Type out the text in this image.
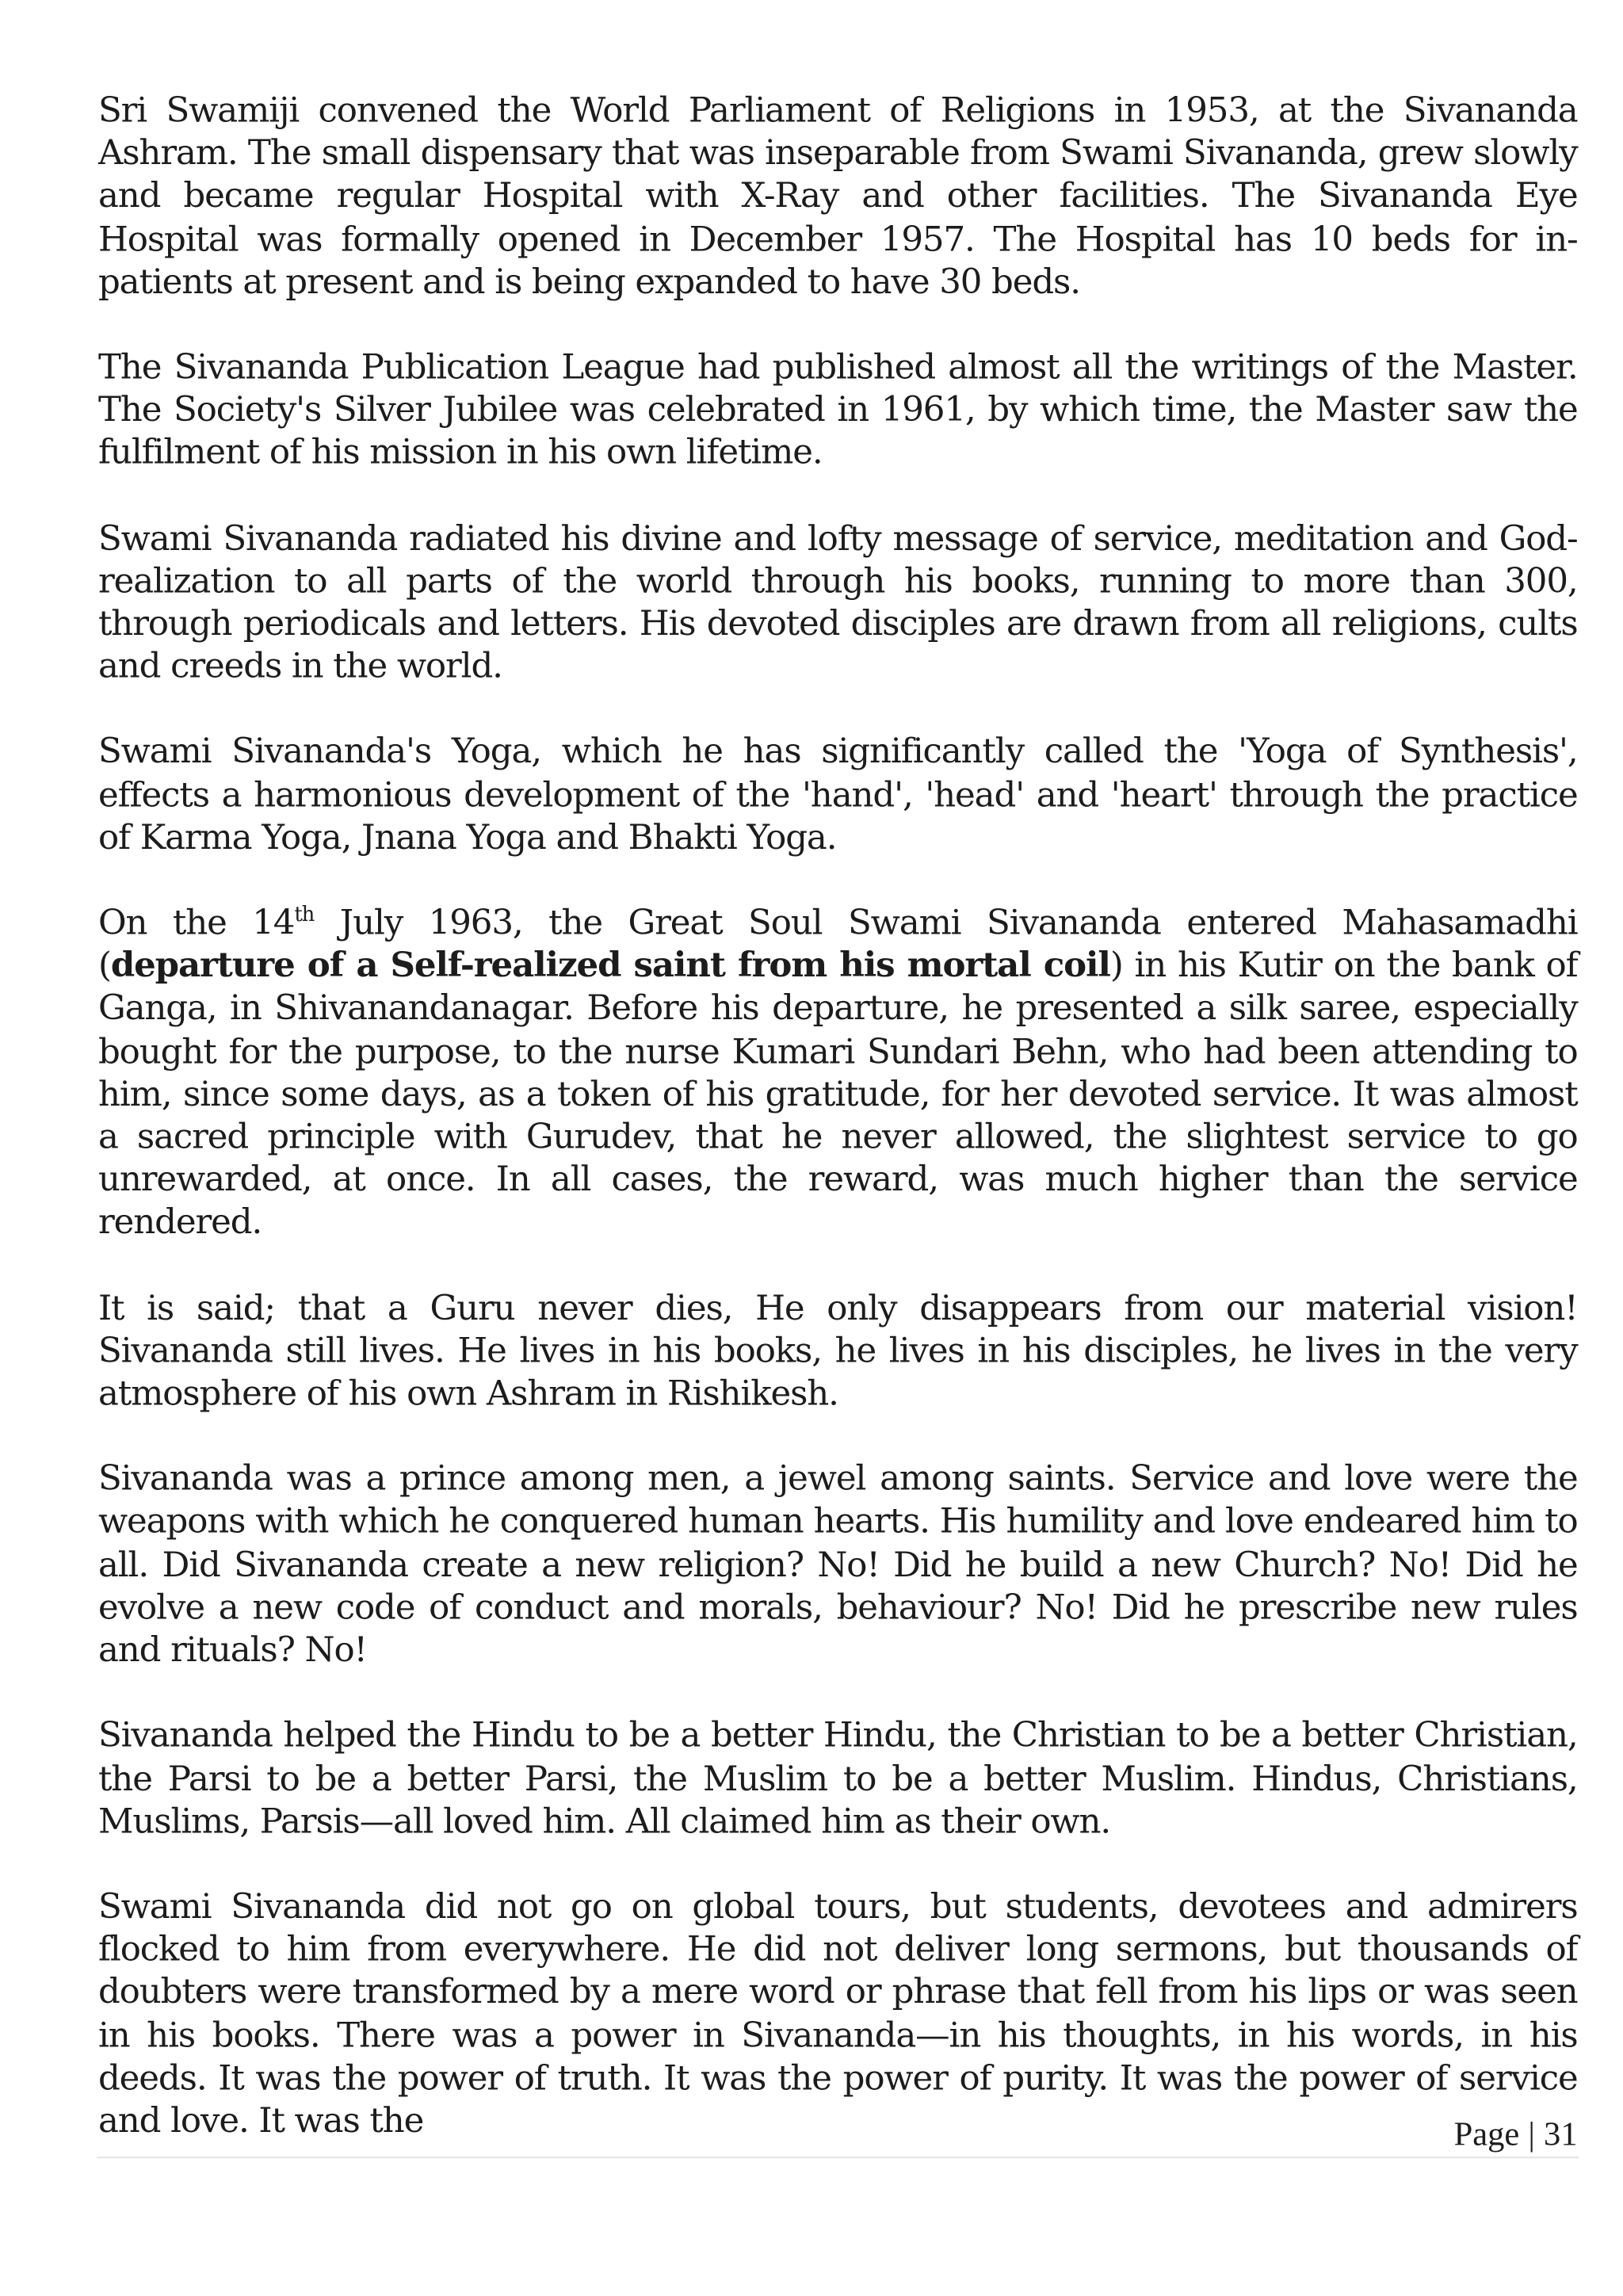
Sri Swamiji convened the World Parliament of Religions in 1953, at the Sivananda Ashram. The small dispensary that was inseparable from Swami Sivananda, grew slowly and became regular Hospital with X-Ray and other facilities. The Sivananda Eye Hospital was formally opened in December 1957. The Hospital has 10 beds for in-patients at present and is being expanded to have 30 beds.

The Sivananda Publication League had published almost all the writings of the Master. The Society's Silver Jubilee was celebrated in 1961, by which time, the Master saw the fulfilment of his mission in his own lifetime.

Swami Sivananda radiated his divine and lofty message of service, meditation and God-realization to all parts of the world through his books, running to more than 300, through periodicals and letters. His devoted disciples are drawn from all religions, cults and creeds in the world.

Swami Sivananda's Yoga, which he has significantly called the 'Yoga of Synthesis', effects a harmonious development of the 'hand', 'head' and 'heart' through the practice of Karma Yoga, Jnana Yoga and Bhakti Yoga.

On the 14th July 1963, the Great Soul Swami Sivananda entered Mahasamadhi (departure of a Self-realized saint from his mortal coil) in his Kutir on the bank of Ganga, in Shivanandanagar. Before his departure, he presented a silk saree, especially bought for the purpose, to the nurse Kumari Sundari Behn, who had been attending to him, since some days, as a token of his gratitude, for her devoted service. It was almost a sacred principle with Gurudev, that he never allowed, the slightest service to go unrewarded, at once. In all cases, the reward, was much higher than the service rendered.

It is said; that a Guru never dies, He only disappears from our material vision! Sivananda still lives. He lives in his books, he lives in his disciples, he lives in the very atmosphere of his own Ashram in Rishikesh.

Sivananda was a prince among men, a jewel among saints. Service and love were the weapons with which he conquered human hearts. His humility and love endeared him to all. Did Sivananda create a new religion? No! Did he build a new Church? No! Did he evolve a new code of conduct and morals, behaviour? No! Did he prescribe new rules and rituals? No!

Sivananda helped the Hindu to be a better Hindu, the Christian to be a better Christian, the Parsi to be a better Parsi, the Muslim to be a better Muslim. Hindus, Christians, Muslims, Parsis—all loved him. All claimed him as their own.

Swami Sivananda did not go on global tours, but students, devotees and admirers flocked to him from everywhere. He did not deliver long sermons, but thousands of doubters were transformed by a mere word or phrase that fell from his lips or was seen in his books. There was a power in Sivananda—in his thoughts, in his words, in his deeds. It was the power of truth. It was the power of purity. It was the power of service and love. It was the	Page | 31
